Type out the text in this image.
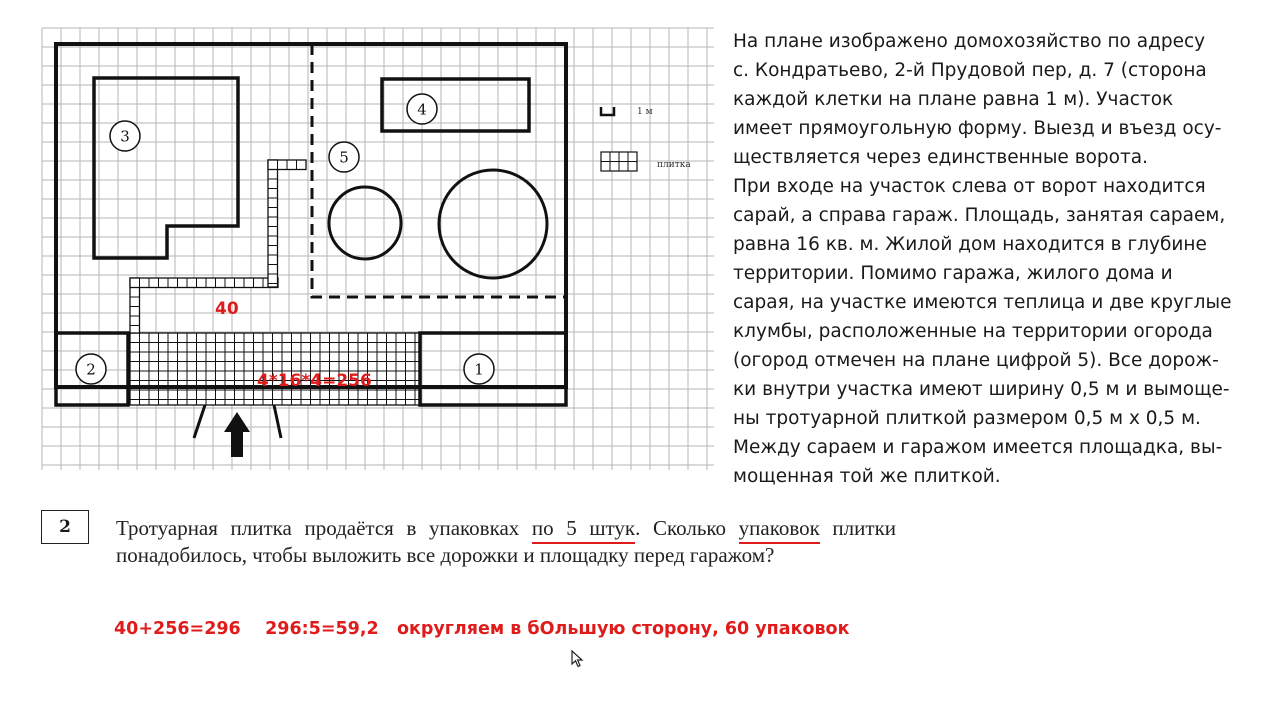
3
4
5
2	1
1 м
плитка
40
4*16*4=256

На плане изображено домохозяйство по адресу

с. Кондратьево, 2-й Прудовой пер, д. 7 (сторона

каждой клетки на плане равна 1 м). Участок

имеет прямоугольную форму. Выезд и въезд осу-

ществляется через единственные ворота.

При входе на участок слева от ворот находится

сарай, а справа гараж. Площадь, занятая сараем,

равна 16 кв. м. Жилой дом находится в глубине

территории. Помимо гаража, жилого дома и

сарая, на участке имеются теплица и две круглые

клумбы, расположенные на территории огорода

(огород отмечен на плане цифрой 5). Все дорож-

ки внутри участка имеют ширину 0,5 м и вымоще-

ны тротуарной плиткой размером 0,5 м х 0,5 м.

Между сараем и гаражом имеется площадка, вы-

мощенная той же плиткой.

2	Тротуарная плитка продаётся в упаковках по 5 штук. Сколько упаковок плитки понадобилось, чтобы выложить все дорожки и площадку перед гаражом?
40+256=296 296:5=59,2 округляем в бОльшую сторону, 60 упаковок
